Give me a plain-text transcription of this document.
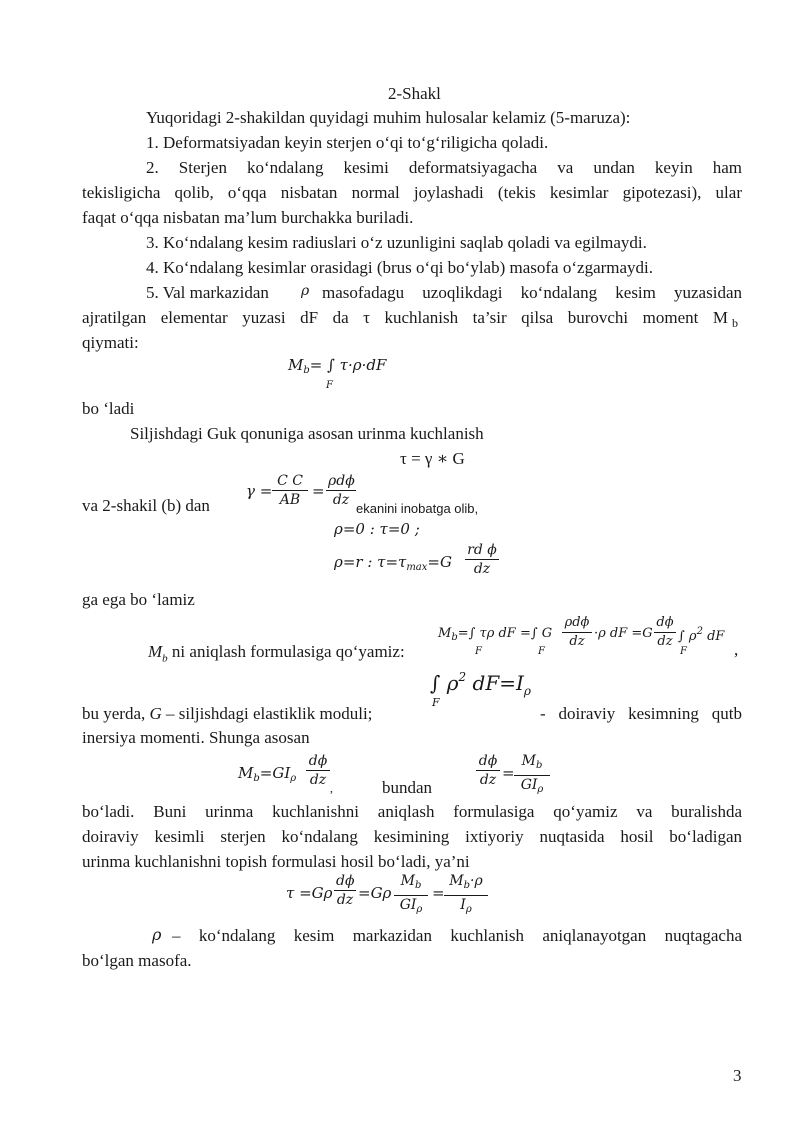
2-Shakl
Yuqoridagi 2-shakildan quyidagi muhim hulosalar kelamiz (5-maruza):
1. Deformatsiyadan keyin sterjen o‘qi to‘g‘riligicha qoladi.
2. Sterjen ko‘ndalang kesimi deformatsiyagacha va undan keyin ham
tekisligicha qolib, o‘qqa nisbatan normal joylashadi (tekis kesimlar gipotezasi), ular
faqat o‘qqa nisbatan ma’lum burchakka buriladi.
3. Ko‘ndalang kesim radiuslari o‘z uzunligini saqlab qoladi va egilmaydi.
4. Ko‘ndalang kesimlar orasidagi (brus o‘qi bo‘ylab) masofa o‘zgarmaydi.
5. Val markazidan ρ masofadagu uzoqlikdagi ko‘ndalang kesim yuzasidan
ajratilgan elementar yuzasi dF da τ kuchlanish ta’sir qilsa burovchi moment M b
qiymati:
$M_b=$ ∫ τ·ρ·dF
F
bo ‘ladi
Siljishdagi Guk qonuniga asosan urinma kuchlanish
τ = γ ∗ G
va 2-shakil (b) dan
$\gamma = \frac{\text{C C}}{AB}$ =
ρdϕ
dz
ekanini inobatga olib,
ρ=0 : τ=0 ;
ρ=r : $\tau=\tau_{max}=G \frac{\text{rd ϕ}}{dz}$
ga ega bo ‘lamiz
$M_b$ ni aniqlash formulasiga qo‘yamiz:
$M_b=\int$ τρ dF =∫ G
ρdϕ
dz
·ρ dF $=G \frac{d\phi}{dz}$ ∫ $\rho^2$ dF
F	F	F	,
∫ $\rho^2$ $dF=I_\rho$
F
bu yerda, G – siljishdagi elastiklik moduli;	- doiraviy kesimning qutb
inersiya momenti. Shunga asosan
$M_b=GI_\rho \frac{d\phi}{dz}$ ,	bundan	$\frac{d\phi}{dz}$ =
$M_b$
$GI_\rho$
bo‘ladi. Buni urinma kuchlanishni aniqlash formulasiga qo‘yamiz va buralishda
doiraviy kesimli sterjen ko‘ndalang kesimining ixtiyoriy nuqtasida hosil bo‘ladigan
urinma kuchlanishni topish formulasi hosil bo‘ladi, ya’ni
$\tau =G\rho \frac{d\phi}{dz} =G\rho$
$M_b$
$GI_\rho$
= $\frac{M_b\cdot\rho}{I_\rho}$
ρ – ko‘ndalang kesim markazidan kuchlanish aniqlanayotgan nuqtagacha
bo‘lgan masofa.
3
